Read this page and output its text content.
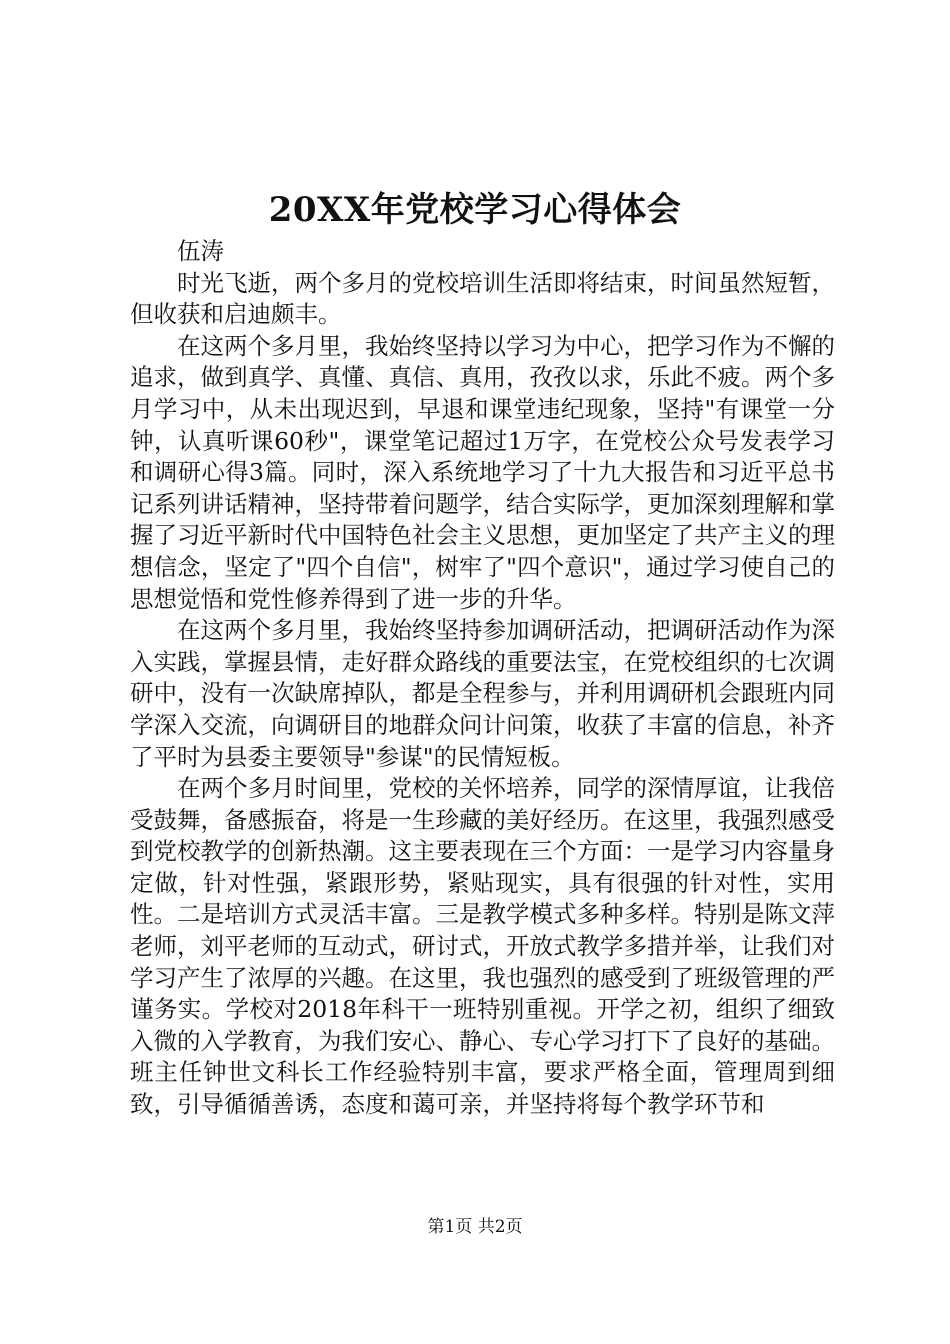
20XX年党校学习心得体会

伍涛

时光飞逝，两个多月的党校培训生活即将结束，时间虽然短暂，但收获和启迪颇丰。

在这两个多月里，我始终坚持以学习为中心，把学习作为不懈的追求，做到真学、真懂、真信、真用，孜孜以求，乐此不疲。两个多月学习中，从未出现迟到，早退和课堂违纪现象，坚持"有课堂一分钟，认真听课60秒"，课堂笔记超过1万字，在党校公众号发表学习和调研心得3篇。同时，深入系统地学习了十九大报告和习近平总书记系列讲话精神，坚持带着问题学，结合实际学，更加深刻理解和掌握了习近平新时代中国特色社会主义思想，更加坚定了共产主义的理想信念，坚定了"四个自信"，树牢了"四个意识"，通过学习使自己的思想觉悟和党性修养得到了进一步的升华。

在这两个多月里，我始终坚持参加调研活动，把调研活动作为深入实践，掌握县情，走好群众路线的重要法宝，在党校组织的七次调研中，没有一次缺席掉队，都是全程参与，并利用调研机会跟班内同学深入交流，向调研目的地群众问计问策，收获了丰富的信息，补齐了平时为县委主要领导"参谋"的民情短板。

在两个多月时间里，党校的关怀培养，同学的深情厚谊，让我倍受鼓舞，备感振奋，将是一生珍藏的美好经历。在这里，我强烈感受到党校教学的创新热潮。这主要表现在三个方面：一是学习内容量身定做，针对性强，紧跟形势，紧贴现实，具有很强的针对性，实用性。二是培训方式灵活丰富。三是教学模式多种多样。特别是陈文萍老师，刘平老师的互动式，研讨式，开放式教学多措并举，让我们对学习产生了浓厚的兴趣。在这里，我也强烈的感受到了班级管理的严谨务实。学校对2018年科干一班特别重视。开学之初，组织了细致入微的入学教育，为我们安心、静心、专心学习打下了良好的基础。班主任钟世文科长工作经验特别丰富，要求严格全面，管理周到细致，引导循循善诱，态度和蔼可亲，并坚持将每个教学环节和

第1页 共2页
